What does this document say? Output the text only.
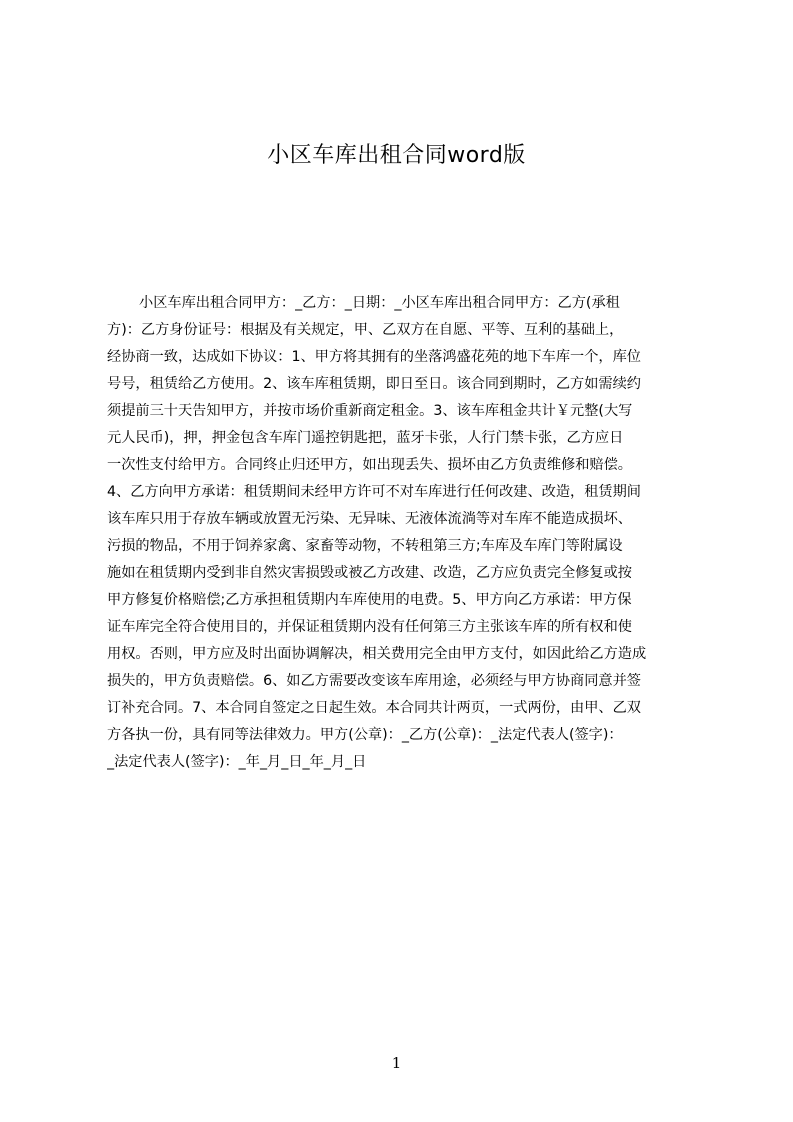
小区车库出租合同word版
小区车库出租合同甲方：_乙方：_日期：_小区车库出租合同甲方：乙方(承租
方)：乙方身份证号：根据及有关规定，甲、乙双方在自愿、平等、互利的基础上，
经协商一致，达成如下协议：1、甲方将其拥有的坐落鸿盛花苑的地下车库一个，库位
号号，租赁给乙方使用。2、该车库租赁期，即日至日。该合同到期时，乙方如需续约
须提前三十天告知甲方，并按市场价重新商定租金。3、该车库租金共计￥元整(大写
元人民币)，押，押金包含车库门遥控钥匙把，蓝牙卡张，人行门禁卡张，乙方应日
一次性支付给甲方。合同终止归还甲方，如出现丢失、损坏由乙方负责维修和赔偿。
4、乙方向甲方承诺：租赁期间未经甲方许可不对车库进行任何改建、改造，租赁期间
该车库只用于存放车辆或放置无污染、无异味、无液体流淌等对车库不能造成损坏、
污损的物品，不用于饲养家禽、家畜等动物，不转租第三方;车库及车库门等附属设
施如在租赁期内受到非自然灾害损毁或被乙方改建、改造，乙方应负责完全修复或按
甲方修复价格赔偿;乙方承担租赁期内车库使用的电费。5、甲方向乙方承诺：甲方保
证车库完全符合使用目的，并保证租赁期内没有任何第三方主张该车库的所有权和使
用权。否则，甲方应及时出面协调解决，相关费用完全由甲方支付，如因此给乙方造成
损失的，甲方负责赔偿。6、如乙方需要改变该车库用途，必须经与甲方协商同意并签
订补充合同。7、本合同自签定之日起生效。本合同共计两页，一式两份，由甲、乙双
方各执一份，具有同等法律效力。甲方(公章)：_乙方(公章)：_法定代表人(签字)：
_法定代表人(签字)：_年_月_日_年_月_日
1
